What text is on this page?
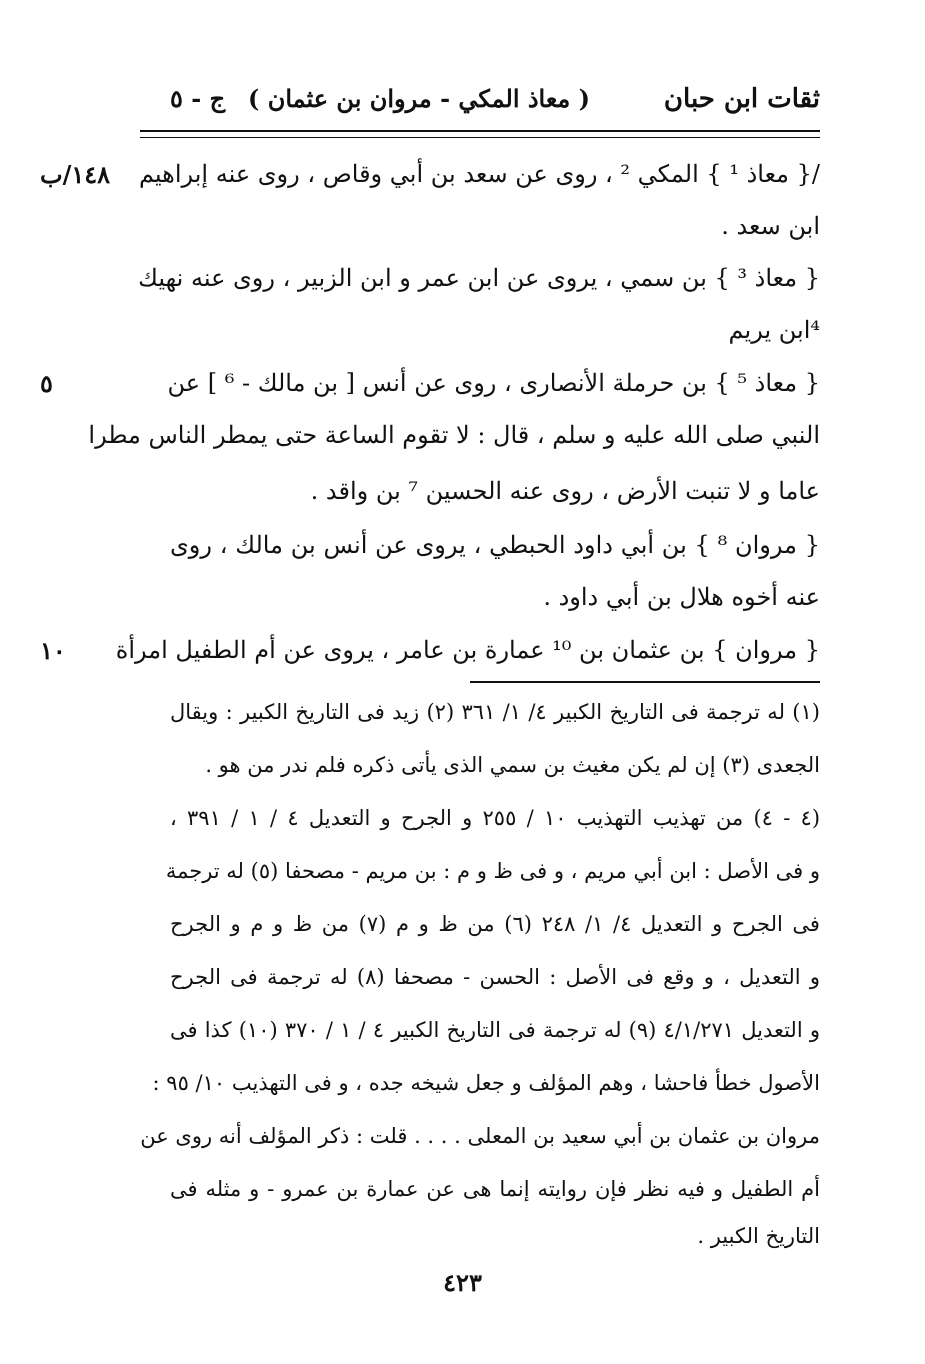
ثقات ابن حبان
( معاذ المكي - مروان بن عثمان )
ج - ٥
١٤٨/ب
٥
١٠
/{ معاذ ¹ } المكي ² ، روى عن سعد بن أبي وقاص ، روى عنه إبراهيم
ابن سعد .
{ معاذ ³ } بن سمي ، يروى عن ابن عمر و ابن الزبير ، روى عنه نهيك
⁴ابن يريم
{ معاذ ⁵ } بن حرملة الأنصارى ، روى عن أنس [ بن مالك - ⁶ ] عن
النبي صلى الله عليه و سلم ، قال : لا تقوم الساعة حتى يمطر الناس مطرا
عاما و لا تنبت الأرض ، روى عنه الحسين ⁷ بن واقد .
{ مروان ⁸ } بن أبي داود الحبطي ، يروى عن أنس بن مالك ، روى
عنه أخوه هلال بن أبي داود .
{ مروان } بن عثمان بن ¹⁰ عمارة بن عامر ، يروى عن أم الطفيل امرأة
(١) له ترجمة فى التاريخ الكبير ٤/ ١/ ٣٦١ (٢) زيد فى التاريخ الكبير : ويقال
الجعدى (٣) إن لم يكن مغيث بن سمي الذى يأتى ذكره فلم ندر من هو .
(٤ - ٤) من تهذيب التهذيب ١٠ / ٢٥٥ و الجرح و التعديل ٤ / ١ / ٣٩١ ،
و فى الأصل : ابن أبي مريم ، و فى ظ و م : بن مريم - مصحفا (٥) له ترجمة
فى الجرح و التعديل ٤/ ١/ ٢٤٨ (٦) من ظ و م (٧) من ظ و م و الجرح
و التعديل ، و وقع فى الأصل : الحسن - مصحفا (٨) له ترجمة فى الجرح
و التعديل ٤/١/٢٧١ (٩) له ترجمة فى التاريخ الكبير ٤ / ١ / ٣٧٠ (١٠) كذا فى
الأصول خطأ فاحشا ، وهم المؤلف و جعل شيخه جده ، و فى التهذيب ١٠/ ٩٥ :
مروان بن عثمان بن أبي سعيد بن المعلى . . . . قلت : ذكر المؤلف أنه روى عن
أم الطفيل و فيه نظر فإن روايته إنما هى عن عمارة بن عمرو - و مثله فى
التاريخ الكبير .
٤٢٣
